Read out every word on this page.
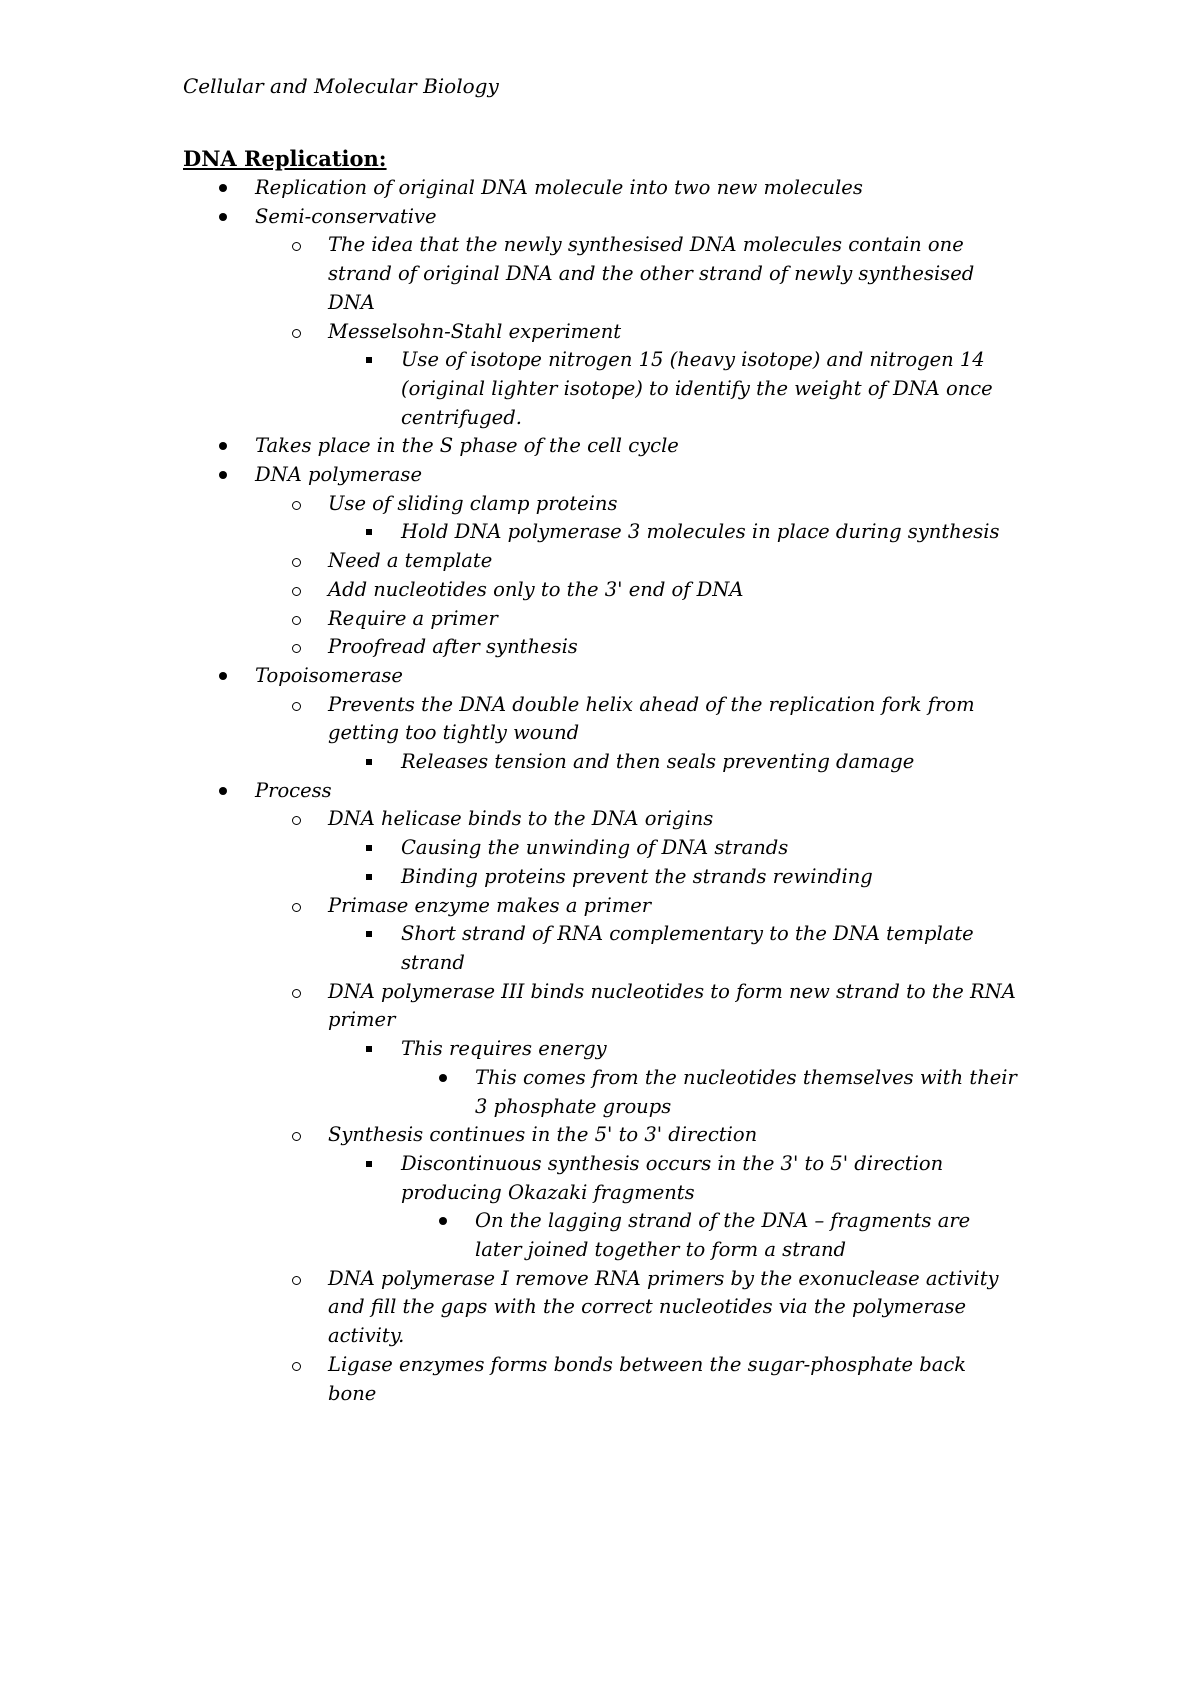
Cellular and Molecular Biology
DNA Replication:
Replication of original DNA molecule into two new molecules
Semi-conservative
The idea that the newly synthesised DNA molecules contain one
strand of original DNA and the other strand of newly synthesised
DNA
Messelsohn-Stahl experiment
Use of isotope nitrogen 15 (heavy isotope) and nitrogen 14
(original lighter isotope) to identify the weight of DNA once
centrifuged.
Takes place in the S phase of the cell cycle
DNA polymerase
Use of sliding clamp proteins
Hold DNA polymerase 3 molecules in place during synthesis
Need a template
Add nucleotides only to the 3' end of DNA
Require a primer
Proofread after synthesis
Topoisomerase
Prevents the DNA double helix ahead of the replication fork from
getting too tightly wound
Releases tension and then seals preventing damage
Process
DNA helicase binds to the DNA origins
Causing the unwinding of DNA strands
Binding proteins prevent the strands rewinding
Primase enzyme makes a primer
Short strand of RNA complementary to the DNA template
strand
DNA polymerase III binds nucleotides to form new strand to the RNA
primer
This requires energy
This comes from the nucleotides themselves with their
3 phosphate groups
Synthesis continues in the 5' to 3' direction
Discontinuous synthesis occurs in the 3' to 5' direction
producing Okazaki fragments
On the lagging strand of the DNA – fragments are
later joined together to form a strand
DNA polymerase I remove RNA primers by the exonuclease activity
and fill the gaps with the correct nucleotides via the polymerase
activity.
Ligase enzymes forms bonds between the sugar-phosphate back
bone
